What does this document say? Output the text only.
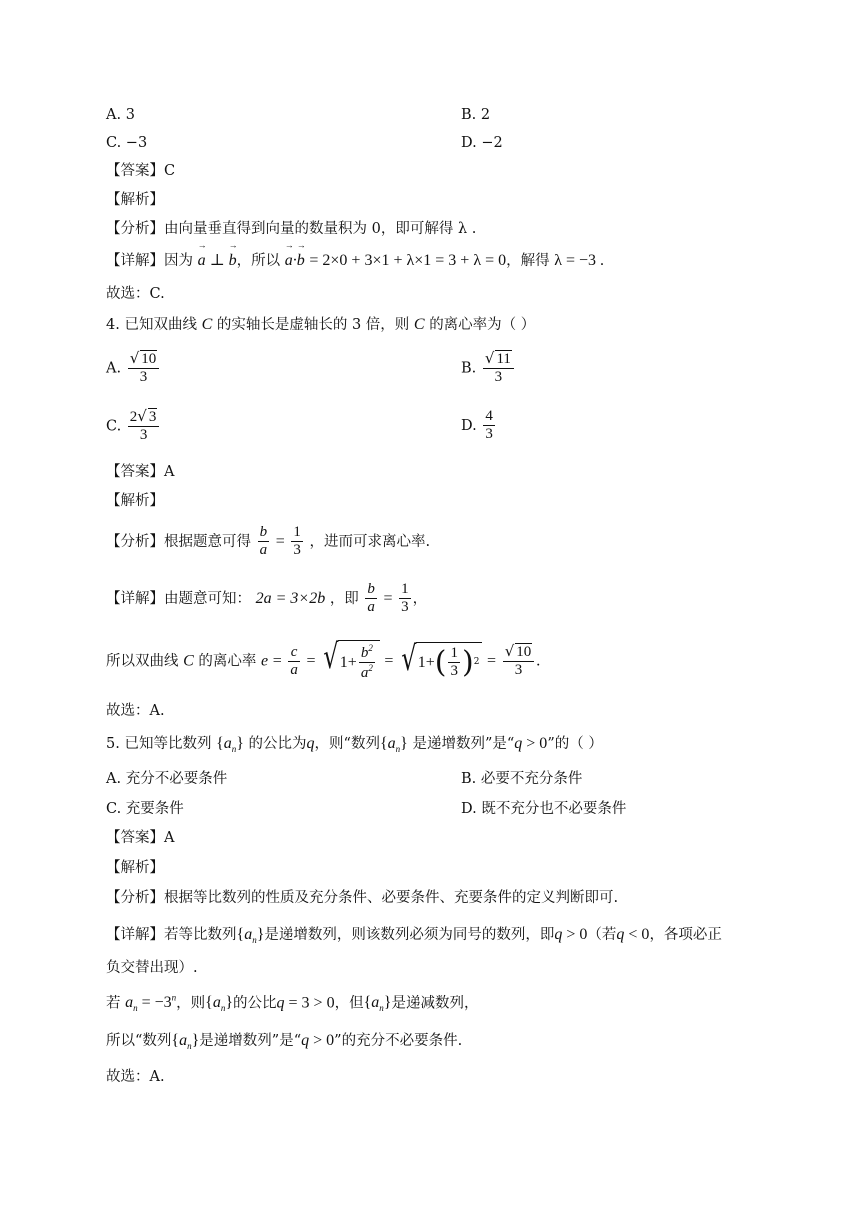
A. 3	B. 2
C. −3	D. −2
【答案】C
【解析】
【分析】由向量垂直得到向量的数量积为 0，即可解得 λ .
【详解】因为 → a ⊥ → b，所以 → a·→ b = 2×0 + 3×1 + λ×1 = 3 + λ = 0，解得 λ = −3 .
故选：C.
4. 已知双曲线 C 的实轴长是虚轴长的 3 倍，则 C 的离心率为（ ）
A. $\frac{√ 10}{3}$	B. $\frac{√ 11}{3}$
C. $\frac{2√ 3}{3}$	D. $\frac{4}{3}$
【答案】A
【解析】
【分析】根据题意可得 $\frac{b}{a} = \frac{1}{3}$ ，进而可求离心率.
【详解】由题意可知： 2a = 3×2b ，即 $\frac{b}{a} = \frac{1}{3}$ ，
所以双曲线 C 的离心率 $e = \frac{c}{a}$ = √ $1+ \frac{b^2}{a^2}$ = √ 1+ ( $\frac{1}{3}$ ) $2 = \frac{√ 10}{3}$ .
故选：A.
5. 已知等比数列 $\{a_n\}$ 的公比为q，则“数列$\{a_n\}$ 是递增数列”是“q > 0”的（ ）
A. 充分不必要条件	B. 必要不充分条件
C. 充要条件	D. 既不充分也不必要条件
【答案】A
【解析】
【分析】根据等比数列的性质及充分条件、必要条件、充要条件的定义判断即可.
【详解】若等比数列$\{a_n\}$是递增数列，则该数列必须为同号的数列，即q > 0（若q < 0，各项必正
负交替出现）.
若 $a_n = -3^n$，则$\{a_n\}$的公比q = 3 > 0，但$\{a_n\}$是递减数列，
所以“数列$\{a_n\}$是递增数列”是“q > 0”的充分不必要条件.
故选：A.
